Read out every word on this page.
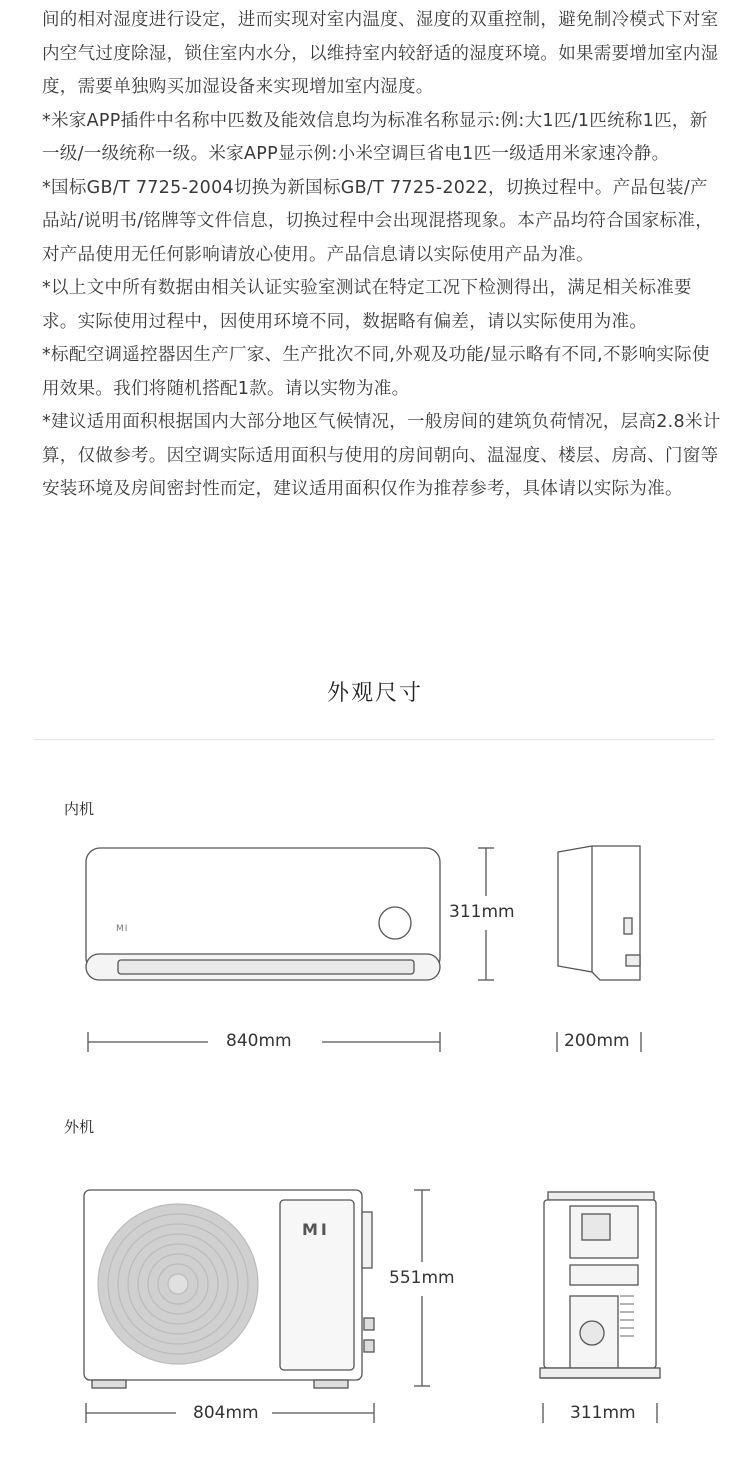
间的相对湿度进行设定，进而实现对室内温度、湿度的双重控制，避免制冷模式下对室内空气过度除湿，锁住室内水分，以维持室内较舒适的湿度环境。如果需要增加室内湿度，需要单独购买加湿设备来实现增加室内湿度。

*米家APP插件中名称中匹数及能效信息均为标准名称显示:例:大1匹/1匹统称1匹，新一级/一级统称一级。米家APP显示例:小米空调巨省电1匹一级适用米家速冷静。

*国标GB/T 7725-2004切换为新国标GB/T 7725-2022，切换过程中。产品包装/产品站/说明书/铭牌等文件信息，切换过程中会出现混搭现象。本产品均符合国家标准，对产品使用无任何影响请放心使用。产品信息请以实际使用产品为准。

*以上文中所有数据由相关认证实验室测试在特定工况下检测得出，满足相关标准要求。实际使用过程中，因使用环境不同，数据略有偏差，请以实际使用为准。

*标配空调遥控器因生产厂家、生产批次不同,外观及功能/显示略有不同,不影响实际使用效果。我们将随机搭配1款。请以实物为准。

*建议适用面积根据国内大部分地区气候情况，一般房间的建筑负荷情况，层高2.8米计算，仅做参考。因空调实际适用面积与使用的房间朝向、温湿度、楼层、房高、门窗等安装环境及房间密封性而定，建议适用面积仅作为推荐参考，具体请以实际为准。

外观尺寸
内机
外机
MI
MI
311mm
840mm	200mm
551mm
804mm	311mm
